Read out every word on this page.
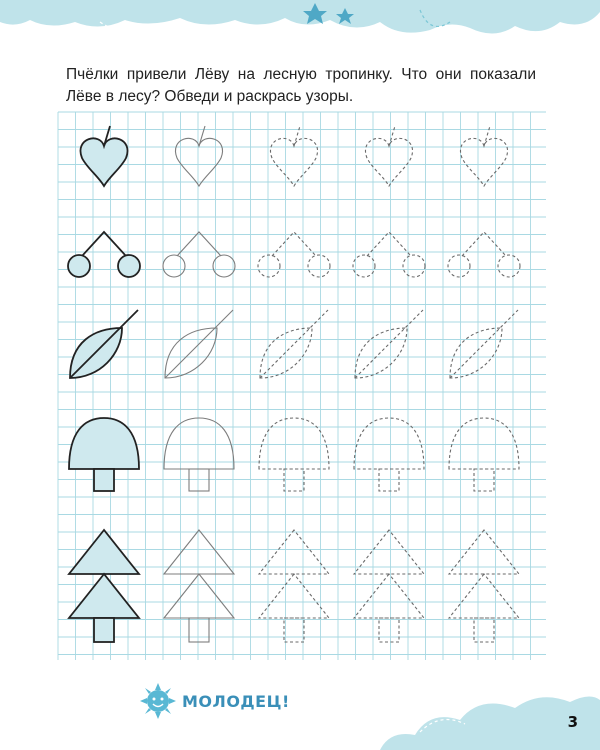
Пчёлки привели Лёву на лесную тропинку. Что они показали Лёве в лесу? Обведи и раскрась узоры.

МОЛОДЕЦ!
3
